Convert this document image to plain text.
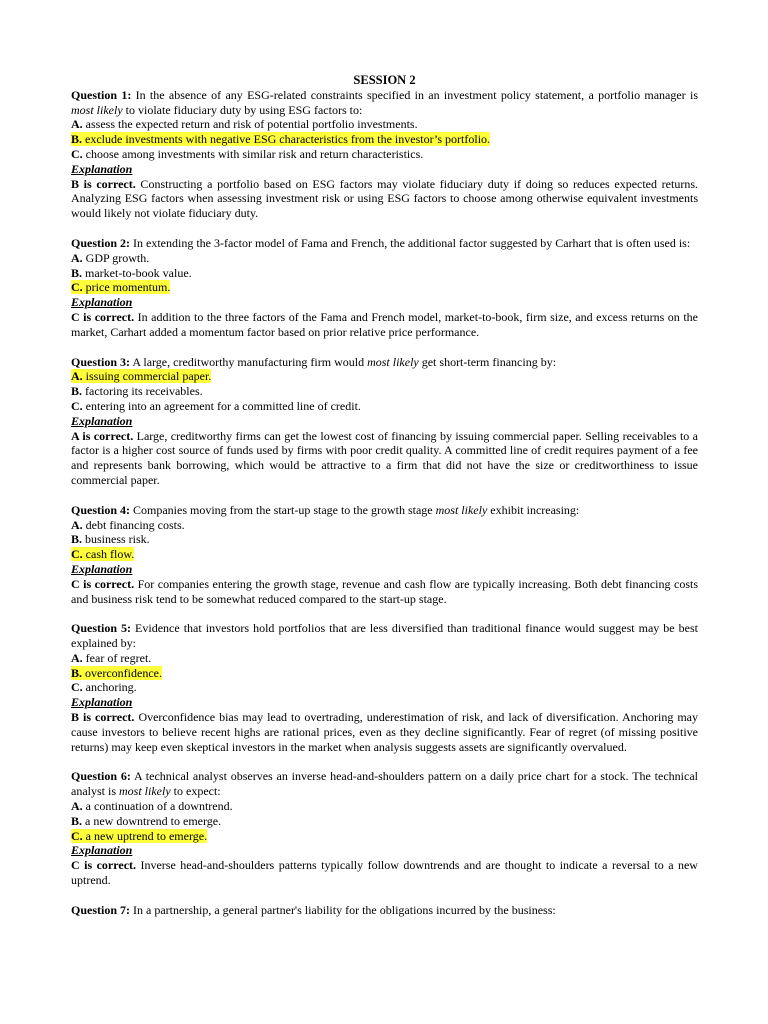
SESSION 2

Question 1: In the absence of any ESG-related constraints specified in an investment policy statement, a portfolio manager is most likely to violate fiduciary duty by using ESG factors to:

A. assess the expected return and risk of potential portfolio investments.

B. exclude investments with negative ESG characteristics from the investor’s portfolio.

C. choose among investments with similar risk and return characteristics.

Explanation

B is correct. Constructing a portfolio based on ESG factors may violate fiduciary duty if doing so reduces expected returns. Analyzing ESG factors when assessing investment risk or using ESG factors to choose among otherwise equivalent investments would likely not violate fiduciary duty.

Question 2: In extending the 3-factor model of Fama and French, the additional factor suggested by Carhart that is often used is:

A. GDP growth.

B. market-to-book value.

C. price momentum.

Explanation

C is correct. In addition to the three factors of the Fama and French model, market-to-book, firm size, and excess returns on the market, Carhart added a momentum factor based on prior relative price performance.

Question 3: A large, creditworthy manufacturing firm would most likely get short-term financing by:

A. issuing commercial paper.

B. factoring its receivables.

C. entering into an agreement for a committed line of credit.

Explanation

A is correct. Large, creditworthy firms can get the lowest cost of financing by issuing commercial paper. Selling receivables to a factor is a higher cost source of funds used by firms with poor credit quality. A committed line of credit requires payment of a fee and represents bank borrowing, which would be attractive to a firm that did not have the size or creditworthiness to issue commercial paper.

Question 4: Companies moving from the start-up stage to the growth stage most likely exhibit increasing:

A. debt financing costs.

B. business risk.

C. cash flow.

Explanation

C is correct. For companies entering the growth stage, revenue and cash flow are typically increasing. Both debt financing costs and business risk tend to be somewhat reduced compared to the start-up stage.

Question 5: Evidence that investors hold portfolios that are less diversified than traditional finance would suggest may be best explained by:

A. fear of regret.

B. overconfidence.

C. anchoring.

Explanation

B is correct. Overconfidence bias may lead to overtrading, underestimation of risk, and lack of diversification. Anchoring may cause investors to believe recent highs are rational prices, even as they decline significantly. Fear of regret (of missing positive returns) may keep even skeptical investors in the market when analysis suggests assets are significantly overvalued.

Question 6: A technical analyst observes an inverse head-and-shoulders pattern on a daily price chart for a stock. The technical analyst is most likely to expect:

A. a continuation of a downtrend.

B. a new downtrend to emerge.

C. a new uptrend to emerge.

Explanation

C is correct. Inverse head-and-shoulders patterns typically follow downtrends and are thought to indicate a reversal to a new uptrend.

Question 7: In a partnership, a general partner's liability for the obligations incurred by the business:
